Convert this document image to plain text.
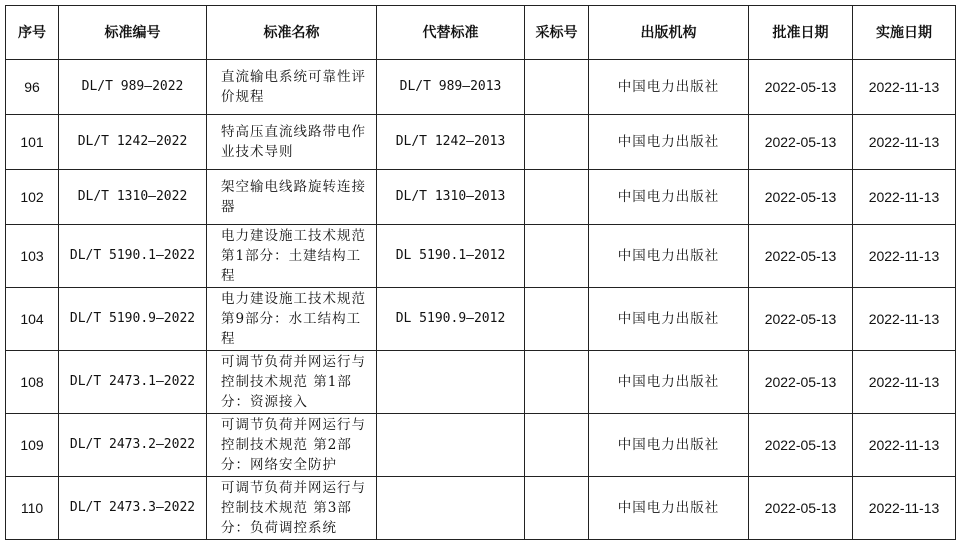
序号	标准编号	标准名称	代替标准	采标号	出版机构	批准日期	实施日期
96	DL/T 989—2022	直流输电系统可靠性评价规程	DL/T 989—2013		中国电力出版社	2022-05-13	2022-11-13
101	DL/T 1242—2022	特高压直流线路带电作业技术导则	DL/T 1242—2013		中国电力出版社	2022-05-13	2022-11-13
102	DL/T 1310—2022	架空输电线路旋转连接器	DL/T 1310—2013		中国电力出版社	2022-05-13	2022-11-13
103	DL/T 5190.1—2022	电力建设施工技术规范 第1部分：土建结构工程	DL 5190.1—2012		中国电力出版社	2022-05-13	2022-11-13
104	DL/T 5190.9—2022	电力建设施工技术规范 第9部分：水工结构工程	DL 5190.9—2012		中国电力出版社	2022-05-13	2022-11-13
108	DL/T 2473.1—2022	可调节负荷并网运行与控制技术规范 第1部分：资源接入			中国电力出版社	2022-05-13	2022-11-13
109	DL/T 2473.2—2022	可调节负荷并网运行与控制技术规范 第2部分：网络安全防护			中国电力出版社	2022-05-13	2022-11-13
110	DL/T 2473.3—2022	可调节负荷并网运行与控制技术规范 第3部分：负荷调控系统			中国电力出版社	2022-05-13	2022-11-13
